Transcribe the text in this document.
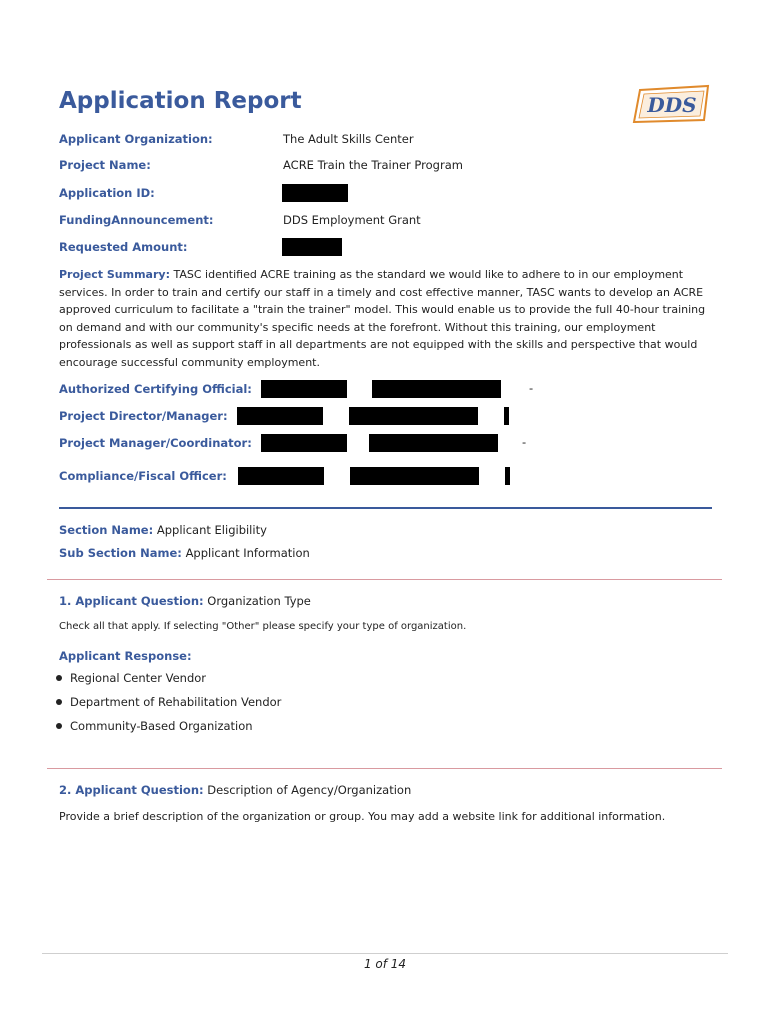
Application Report	DDS
Applicant Organization:	The Adult Skills Center
Project Name:	ACRE Train the Trainer Program
Application ID:
FundingAnnouncement:	DDS Employment Grant
Requested Amount:
Project Summary: TASC identified ACRE training as the standard we would like to adhere to in our employment services. In order to train and certify our staff in a timely and cost effective manner, TASC wants to develop an ACRE approved curriculum to facilitate a "train the trainer" model. This would enable us to provide the full 40-hour training on demand and with our community's specific needs at the forefront. Without this training, our employment professionals as well as support staff in all departments are not equipped with the skills and perspective that would encourage successful community employment.
Authorized Certifying Official:	-
Project Director/Manager:
Project Manager/Coordinator:	-
Compliance/Fiscal Officer:
Section Name: Applicant Eligibility
Sub Section Name: Applicant Information
1. Applicant Question: Organization Type
Check all that apply. If selecting "Other" please specify your type of organization.
Applicant Response:
Regional Center Vendor
Department of Rehabilitation Vendor
Community-Based Organization
2. Applicant Question: Description of Agency/Organization
Provide a brief description of the organization or group. You may add a website link for additional information.
1 of 14
